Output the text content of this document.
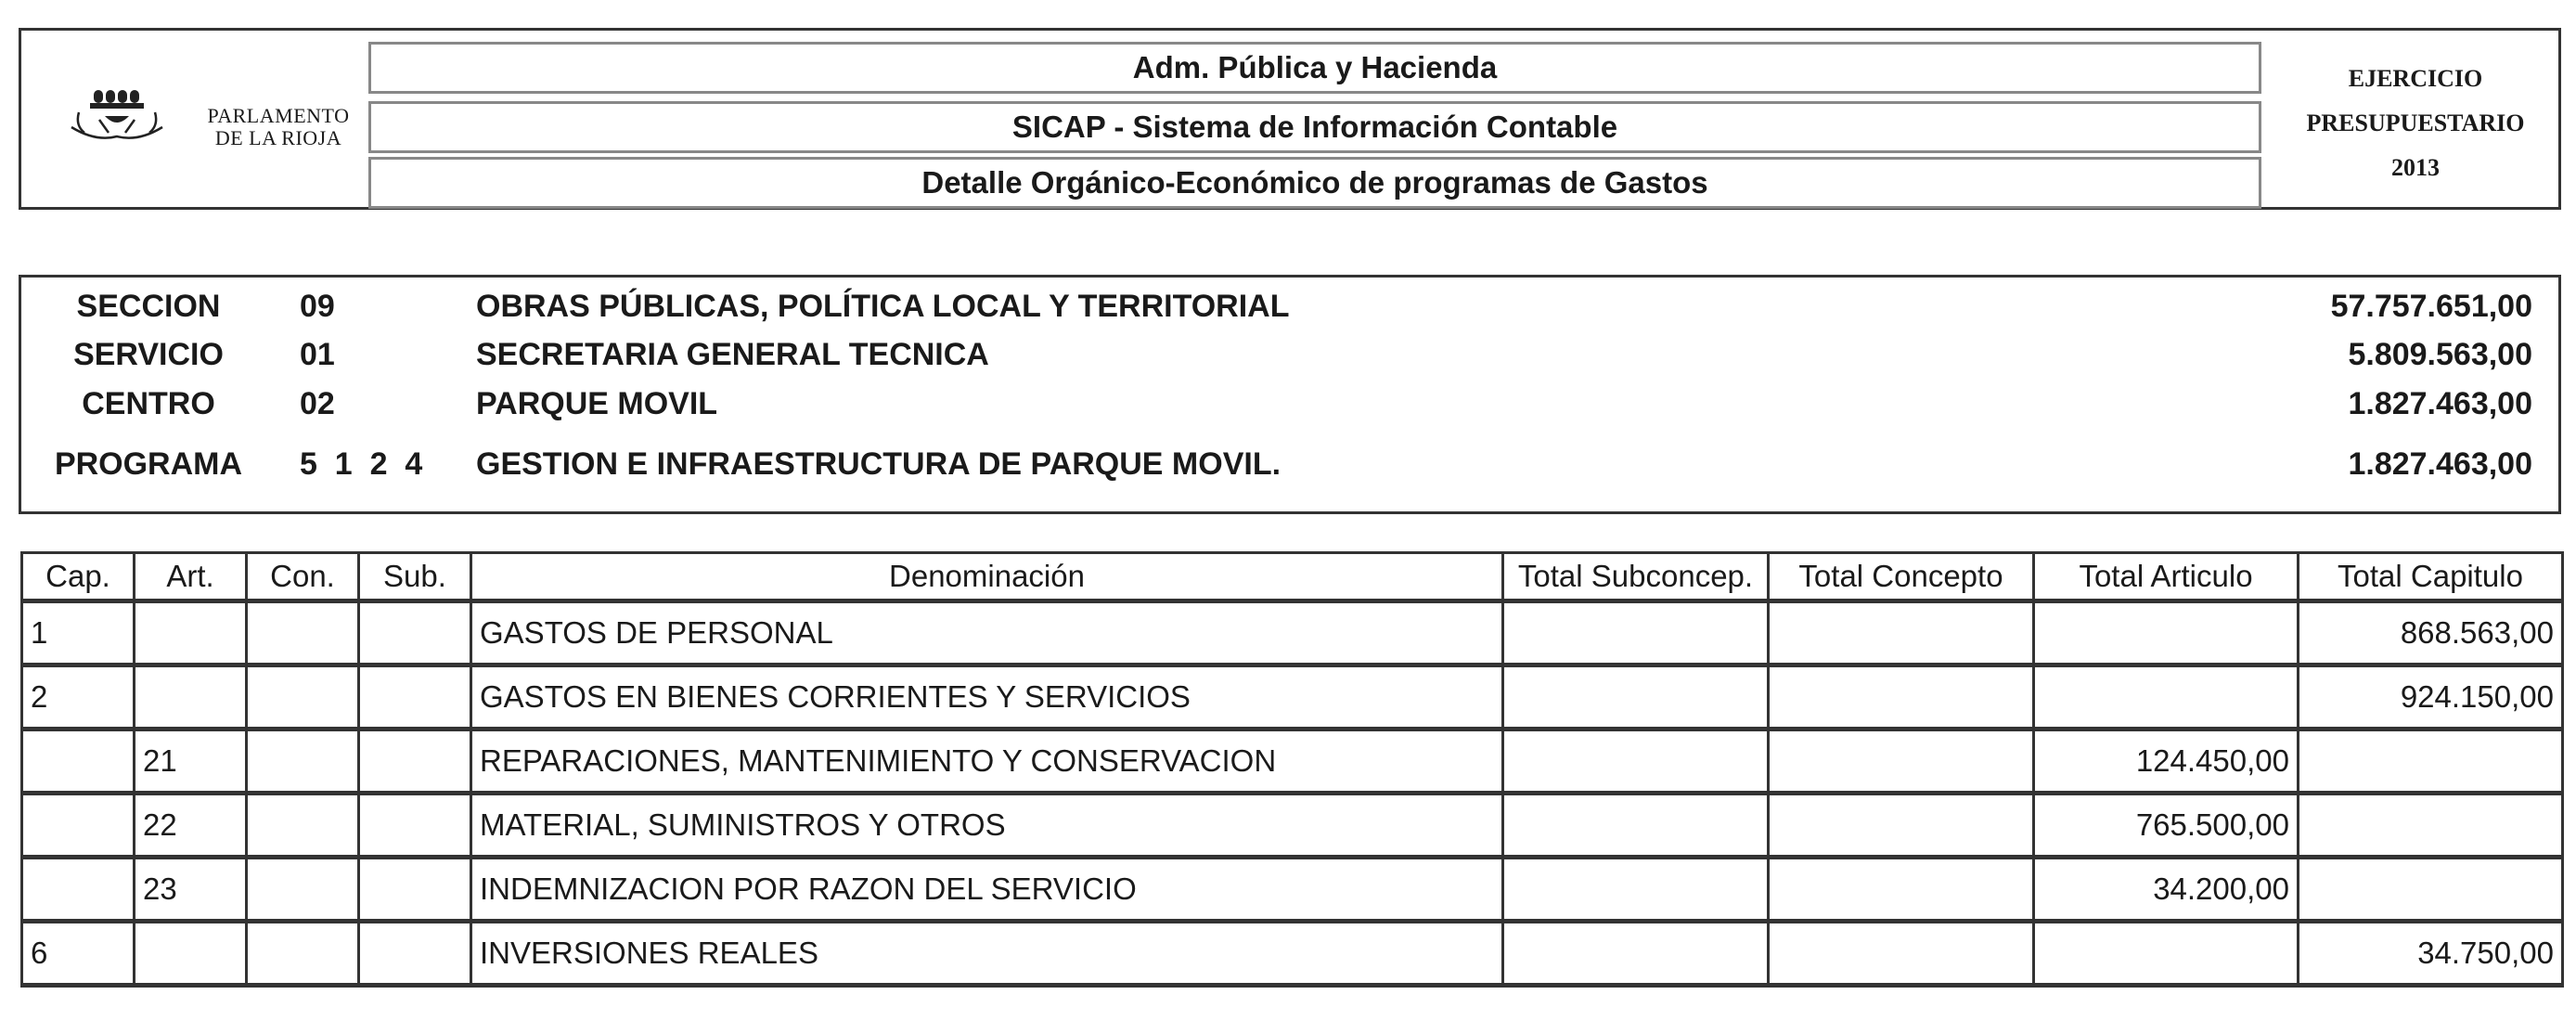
PARLAMENTO
DE LA RIOJA
Adm. Pública y Hacienda
SICAP - Sistema de Información Contable
Detalle Orgánico-Económico de programas de Gastos
EJERCICIO
PRESUPUESTARIO
2013
SECCION	09	OBRAS PÚBLICAS, POLÍTICA LOCAL Y TERRITORIAL	57.757.651,00
SERVICIO	01	SECRETARIA GENERAL TECNICA	5.809.563,00
CENTRO	02	PARQUE MOVIL	1.827.463,00
PROGRAMA	5  1  2  4 GESTION E INFRAESTRUCTURA DE PARQUE MOVIL.	1.827.463,00
Cap.	Art.	Con.	Sub.	Denominación	Total Subconcep.	Total Concepto	Total Articulo	Total Capitulo
1				GASTOS DE PERSONAL				868.563,00
2				GASTOS EN BIENES CORRIENTES Y SERVICIOS				924.150,00
	21			REPARACIONES, MANTENIMIENTO Y CONSERVACION			124.450,00	
	22			MATERIAL, SUMINISTROS Y OTROS			765.500,00	
	23			INDEMNIZACION POR RAZON DEL SERVICIO			34.200,00	
6				INVERSIONES REALES				34.750,00
